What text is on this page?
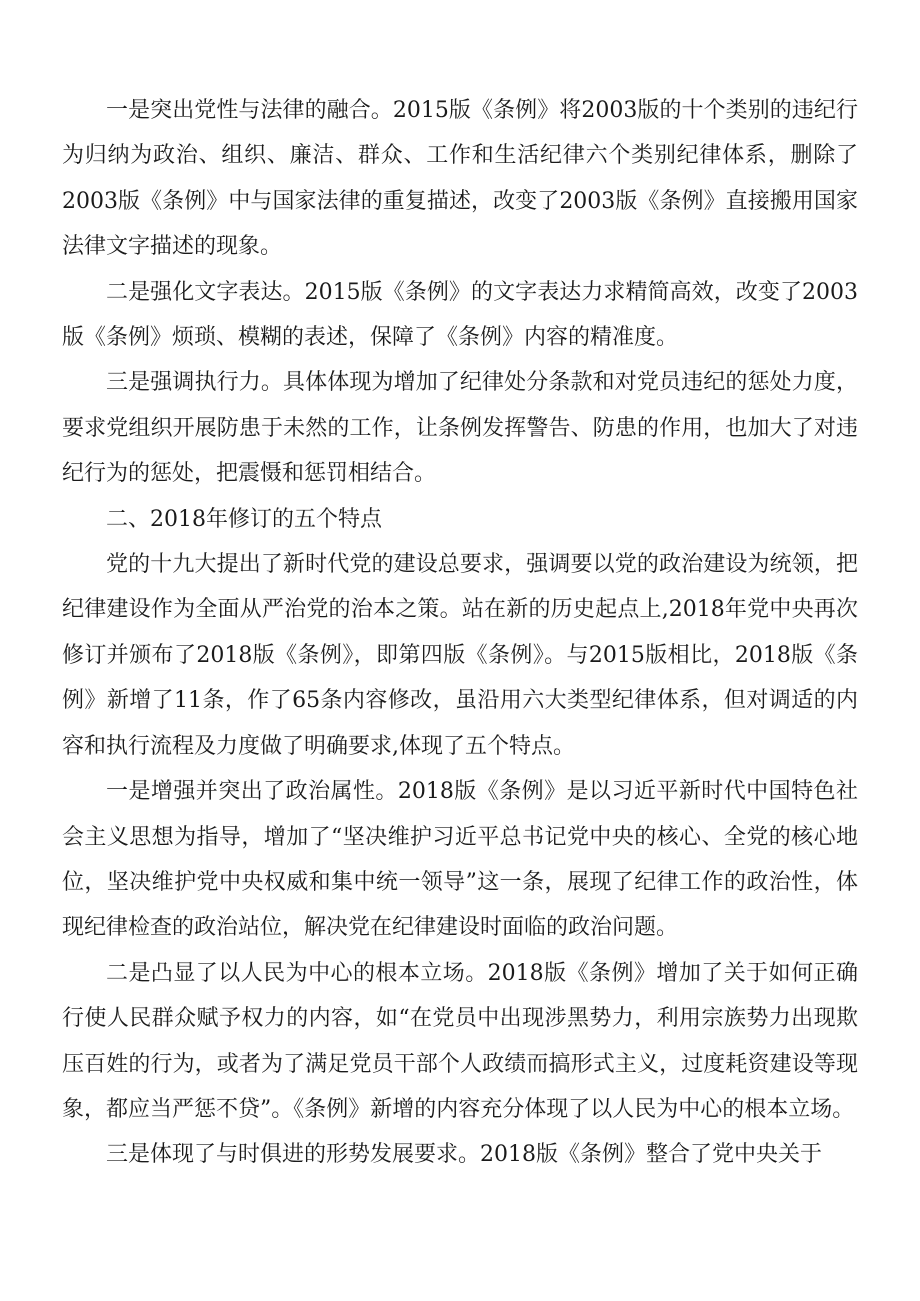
一是突出党性与法律的融合。2015版《条例》将2003版的十个类别的违纪行为归纳为政治、组织、廉洁、群众、工作和生活纪律六个类别纪律体系，删除了2003版《条例》中与国家法律的重复描述，改变了2003版《条例》直接搬用国家法律文字描述的现象。

二是强化文字表达。2015版《条例》的文字表达力求精简高效，改变了2003版《条例》烦琐、模糊的表述，保障了《条例》内容的精准度。

三是强调执行力。具体体现为增加了纪律处分条款和对党员违纪的惩处力度，要求党组织开展防患于未然的工作，让条例发挥警告、防患的作用，也加大了对违纪行为的惩处，把震慑和惩罚相结合。

二、2018年修订的五个特点

党的十九大提出了新时代党的建设总要求，强调要以党的政治建设为统领，把纪律建设作为全面从严治党的治本之策。站在新的历史起点上,2018年党中央再次修订并颁布了2018版《条例》，即第四版《条例》。与2015版相比，2018版《条例》新增了11条，作了65条内容修改，虽沿用六大类型纪律体系，但对调适的内容和执行流程及力度做了明确要求,体现了五个特点。

一是增强并突出了政治属性。2018版《条例》是以习近平新时代中国特色社会主义思想为指导，增加了“坚决维护习近平总书记党中央的核心、全党的核心地位，坚决维护党中央权威和集中统一领导”这一条，展现了纪律工作的政治性，体现纪律检查的政治站位，解决党在纪律建设时面临的政治问题。

二是凸显了以人民为中心的根本立场。2018版《条例》增加了关于如何正确行使人民群众赋予权力的内容，如“在党员中出现涉黑势力，利用宗族势力出现欺压百姓的行为，或者为了满足党员干部个人政绩而搞形式主义，过度耗资建设等现象，都应当严惩不贷”。《条例》新增的内容充分体现了以人民为中心的根本立场。

三是体现了与时俱进的形势发展要求。2018版《条例》整合了党中央关于
